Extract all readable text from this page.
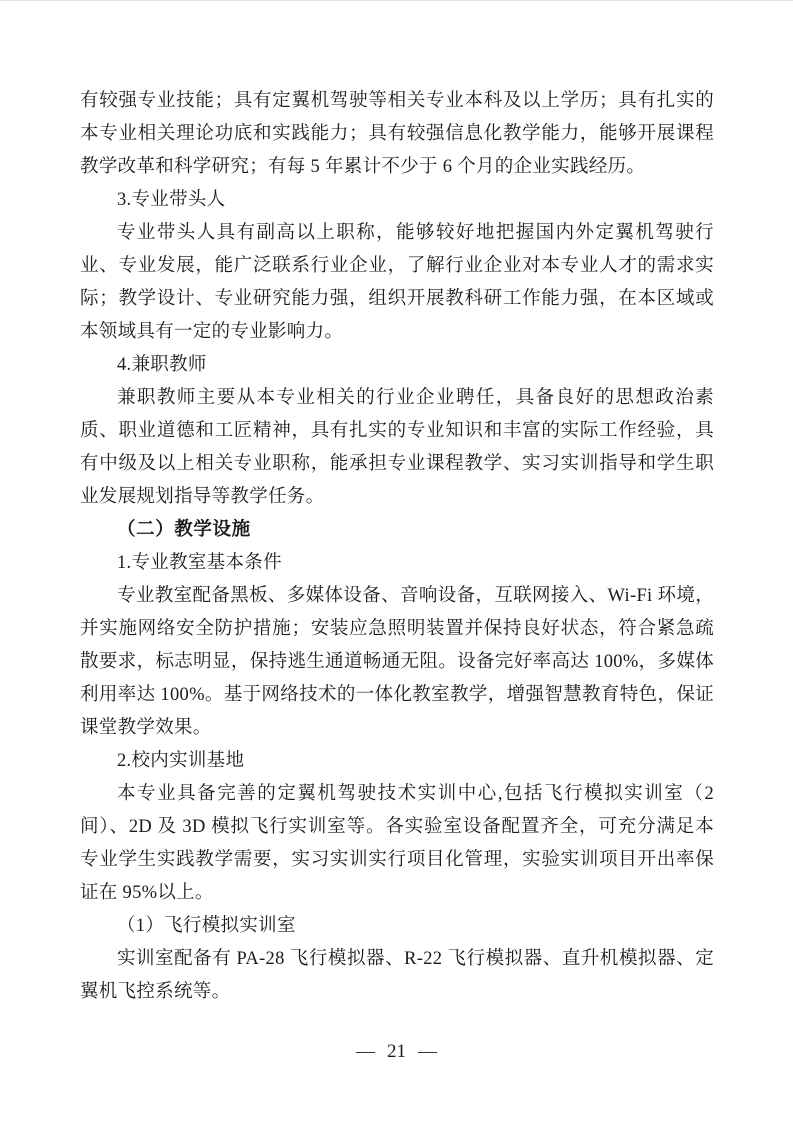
有较强专业技能；具有定翼机驾驶等相关专业本科及以上学历；具有扎实的本专业相关理论功底和实践能力；具有较强信息化教学能力，能够开展课程教学改革和科学研究；有每 5 年累计不少于 6 个月的企业实践经历。

3.专业带头人

专业带头人具有副高以上职称，能够较好地把握国内外定翼机驾驶行业、专业发展，能广泛联系行业企业，了解行业企业对本专业人才的需求实际；教学设计、专业研究能力强，组织开展教科研工作能力强，在本区域或本领域具有一定的专业影响力。

4.兼职教师

兼职教师主要从本专业相关的行业企业聘任，具备良好的思想政治素质、职业道德和工匠精神，具有扎实的专业知识和丰富的实际工作经验，具有中级及以上相关专业职称，能承担专业课程教学、实习实训指导和学生职业发展规划指导等教学任务。

（二）教学设施

1.专业教室基本条件

专业教室配备黑板、多媒体设备、音响设备，互联网接入、Wi-Fi 环境，并实施网络安全防护措施；安装应急照明装置并保持良好状态，符合紧急疏散要求，标志明显，保持逃生通道畅通无阻。设备完好率高达 100%，多媒体利用率达 100%。基于网络技术的一体化教室教学，增强智慧教育特色，保证课堂教学效果。

2.校内实训基地

本专业具备完善的定翼机驾驶技术实训中心,包括飞行模拟实训室（2 间）、2D 及 3D 模拟飞行实训室等。各实验室设备配置齐全，可充分满足本专业学生实践教学需要，实习实训实行项目化管理，实验实训项目开出率保证在 95%以上。

（1）飞行模拟实训室

实训室配备有 PA-28 飞行模拟器、R-22 飞行模拟器、直升机模拟器、定翼机飞控系统等。

— 21 —
